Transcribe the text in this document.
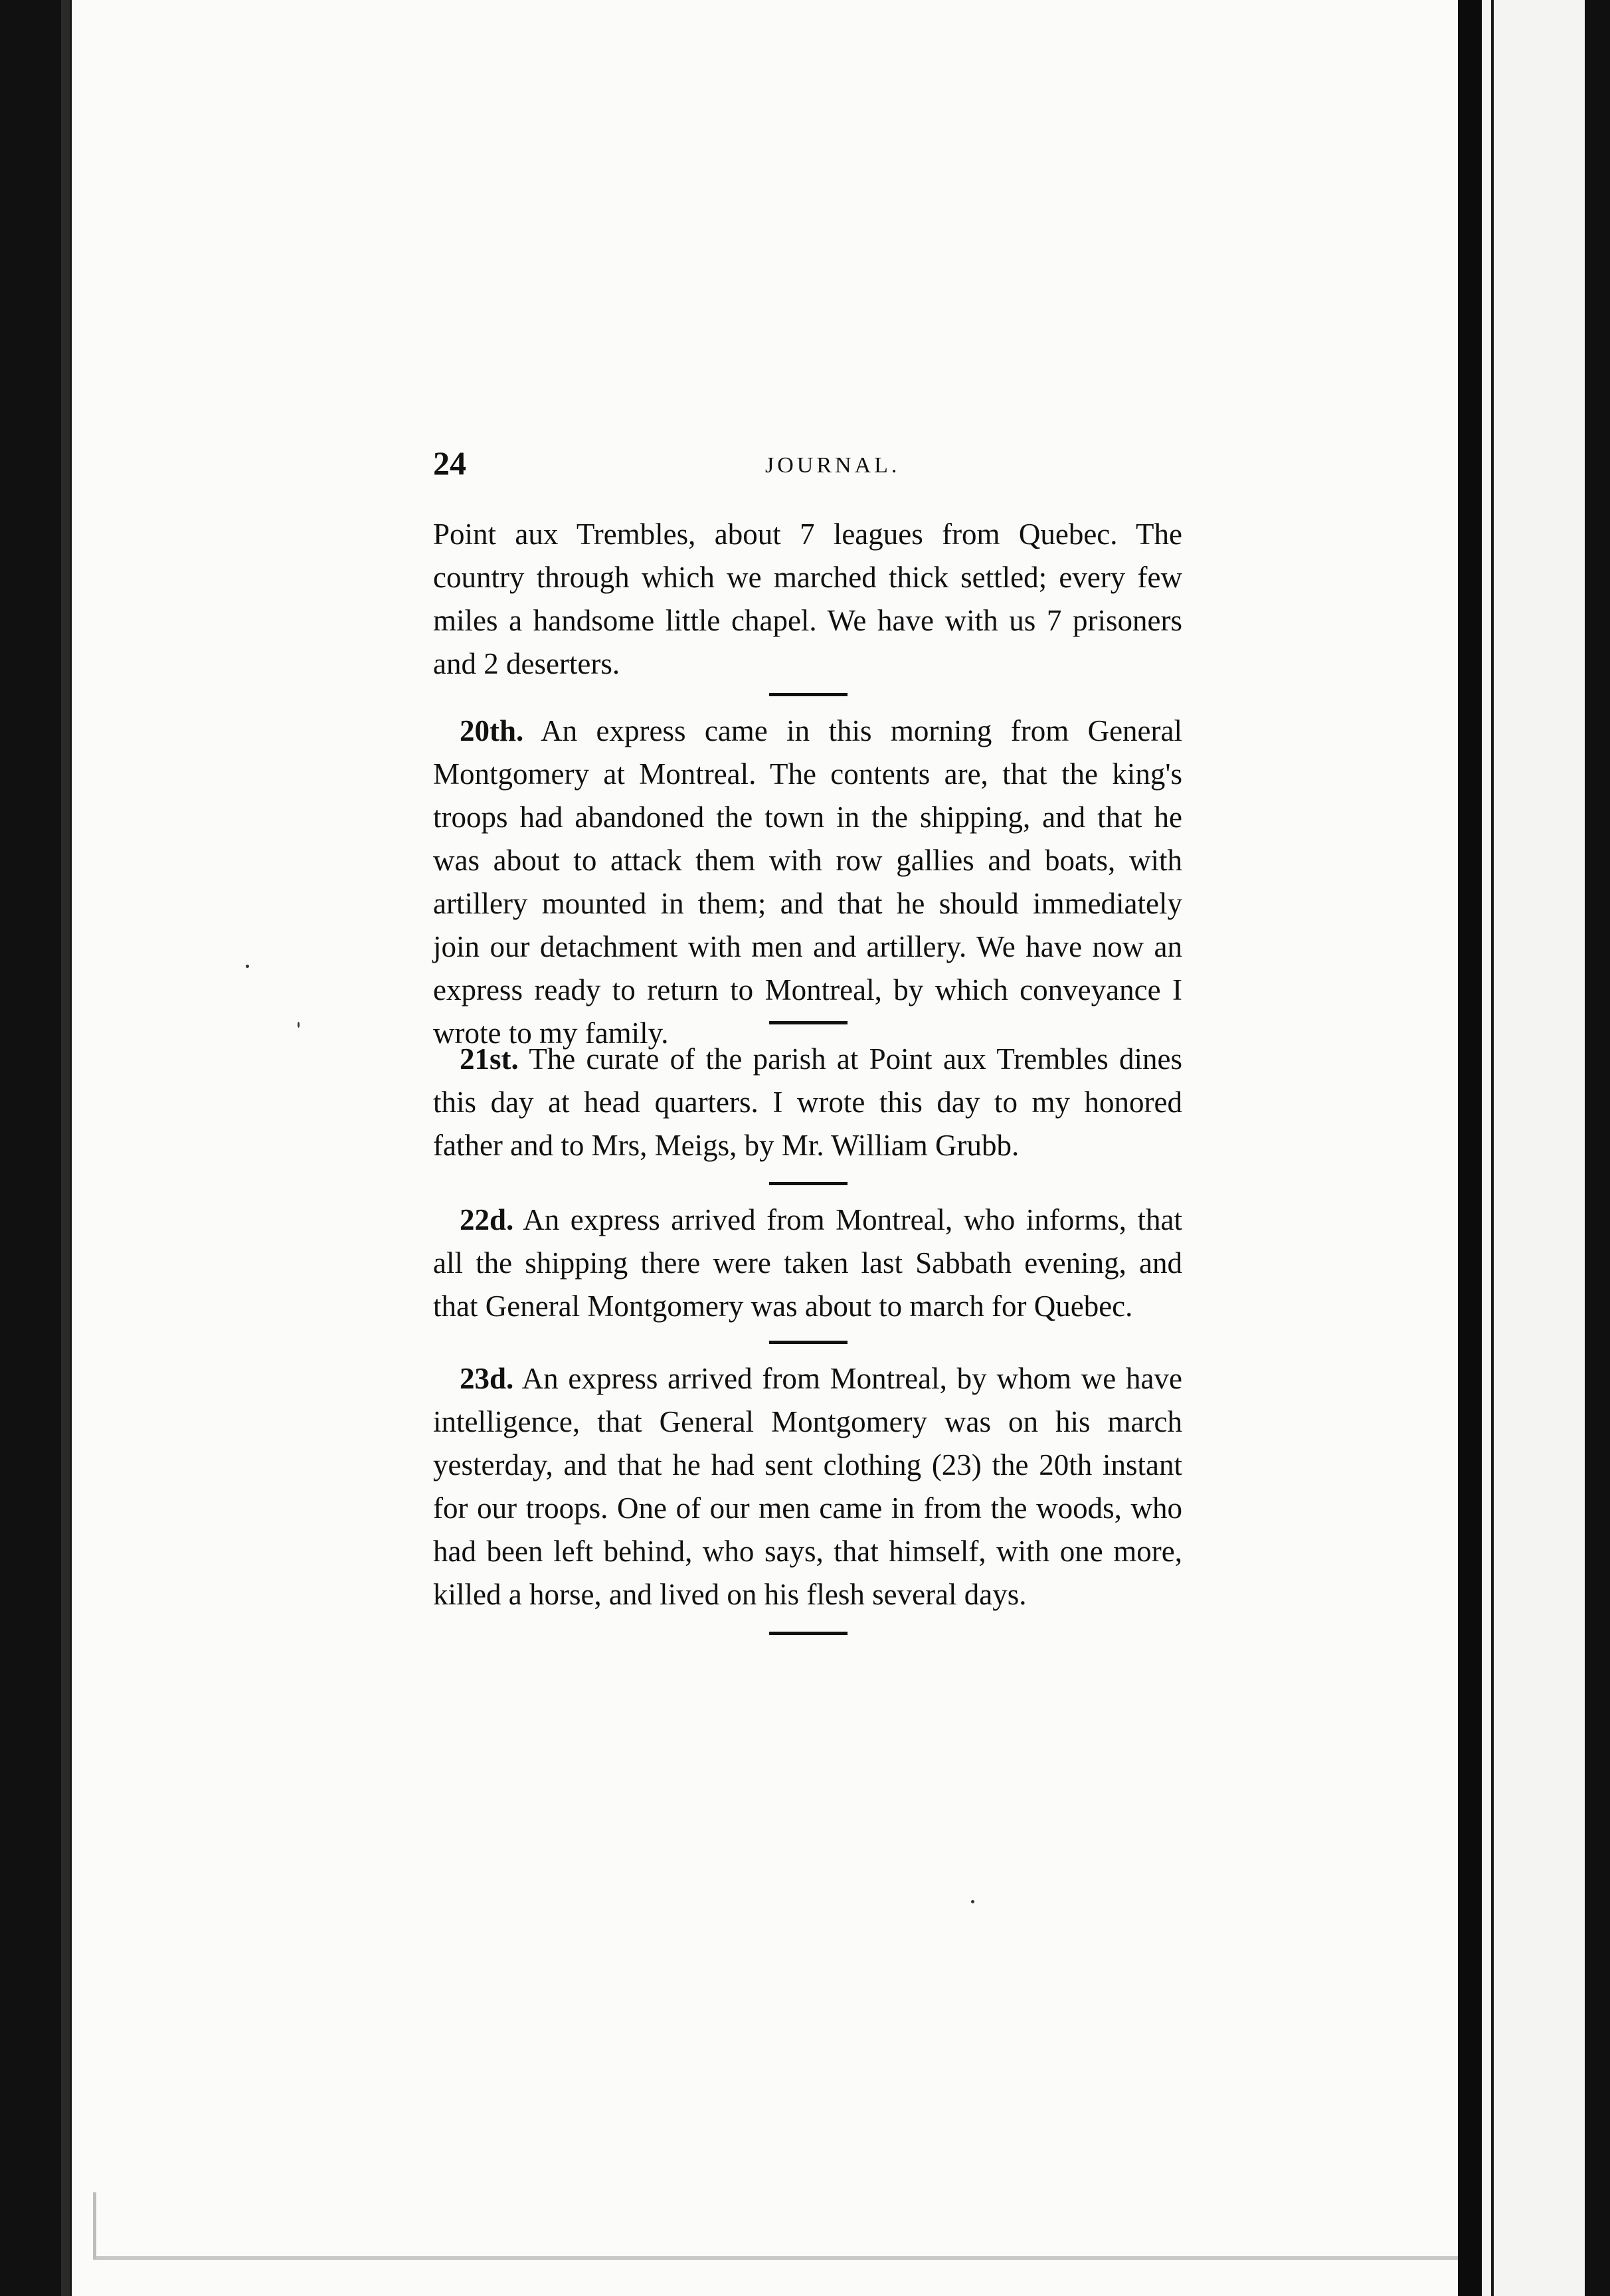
24	JOURNAL.

Point aux Trembles, about 7 leagues from Quebec. The country through which we marched thick settled; every few miles a handsome little chapel. We have with us 7 prisoners and 2 deserters.

20th. An express came in this morning from General Montgomery at Montreal. The contents are, that the king's troops had abandoned the town in the shipping, and that he was about to attack them with row gallies and boats, with artillery mounted in them; and that he should immediately join our detachment with men and artillery. We have now an express ready to return to Montreal, by which conveyance I wrote to my family.

21st. The curate of the parish at Point aux Trembles dines this day at head quarters. I wrote this day to my honored father and to Mrs, Meigs, by Mr. William Grubb.

22d. An express arrived from Montreal, who informs, that all the shipping there were taken last Sabbath evening, and that General Montgomery was about to march for Quebec.

23d. An express arrived from Montreal, by whom we have intelligence, that General Montgomery was on his march yesterday, and that he had sent clothing (23) the 20th instant for our troops. One of our men came in from the woods, who had been left behind, who says, that himself, with one more, killed a horse, and lived on his flesh several days.
